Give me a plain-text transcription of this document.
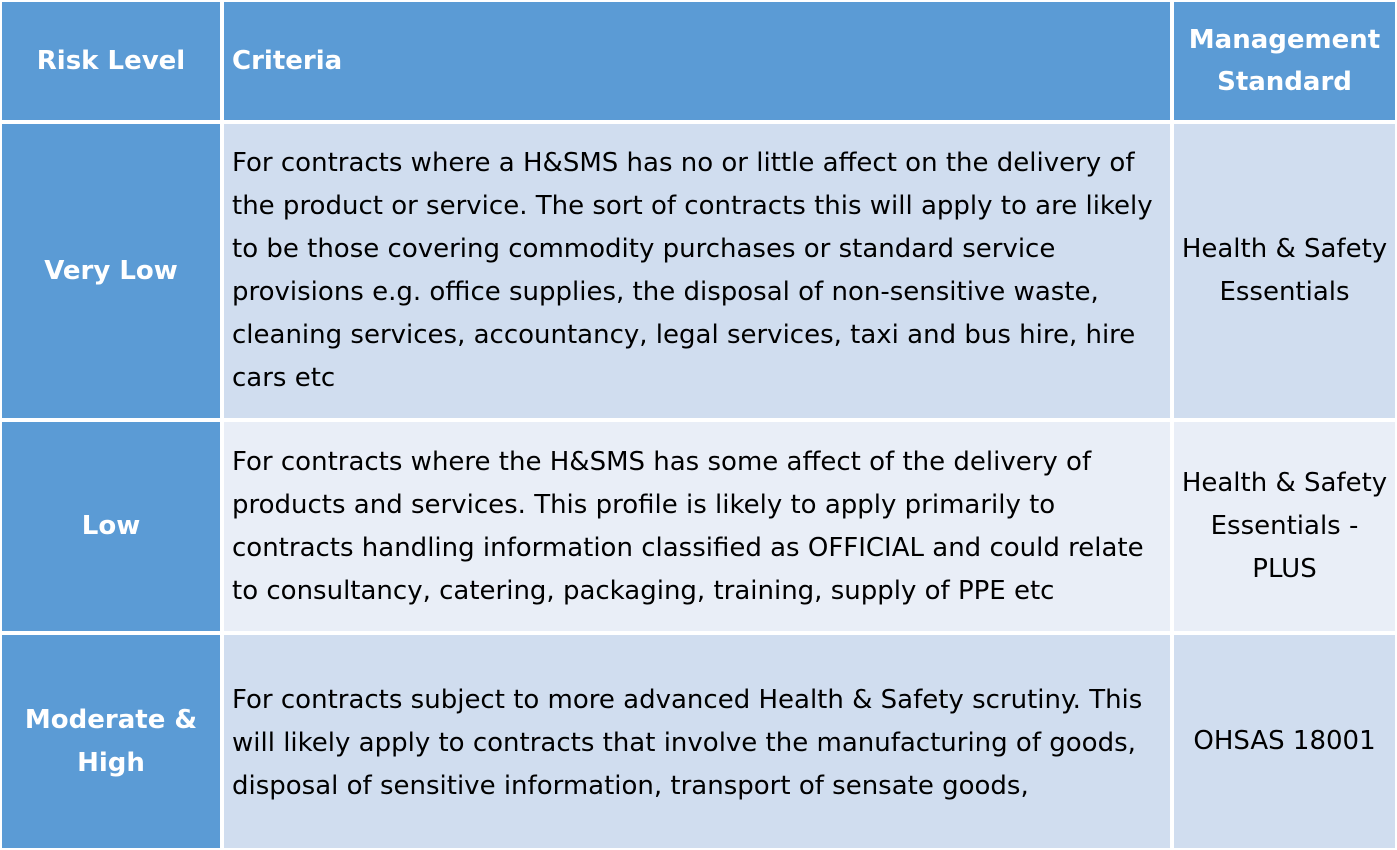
Risk Level Criteria
Management Standard
Very Low
For contracts where a H&SMS has no or little affect on the delivery of the product or service. The sort of contracts this will apply to are likely to be those covering commodity purchases or standard service provisions e.g. office supplies, the disposal of non-sensitive waste, cleaning services, accountancy, legal services, taxi and bus hire, hire cars etc
Health & Safety Essentials
Low
For contracts where the H&SMS has some affect of the delivery of products and services. This profile is likely to apply primarily to contracts handling information classified as OFFICIAL and could relate to consultancy, catering, packaging, training, supply of PPE etc
Health & Safety Essentials - PLUS
Moderate & High
For contracts subject to more advanced Health & Safety scrutiny. This will likely apply to contracts that involve the manufacturing of goods, disposal of sensitive information, transport of sensate goods,
OHSAS 18001
